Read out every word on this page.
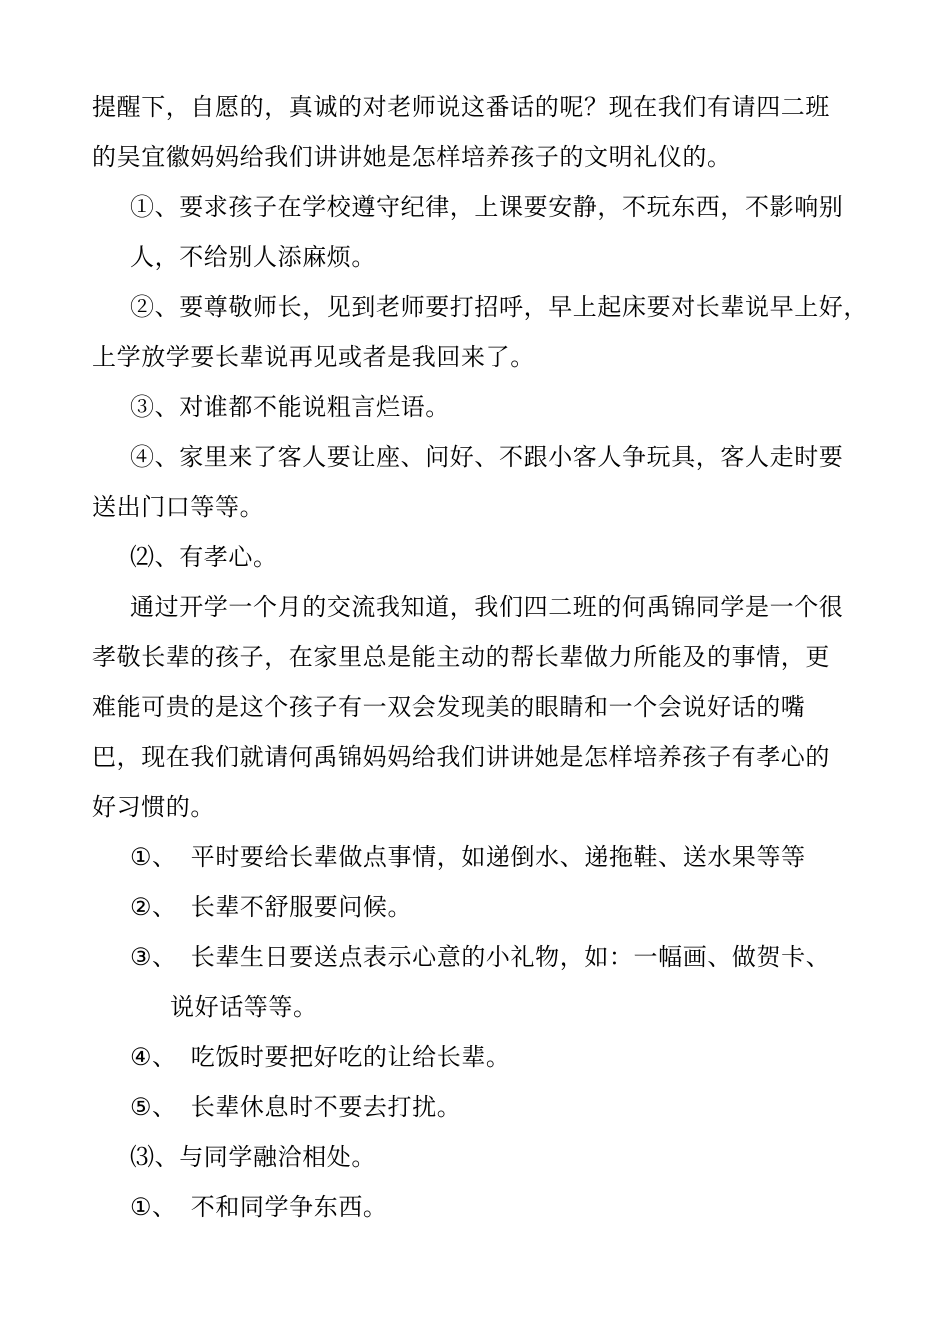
提醒下，自愿的，真诚的对老师说这番话的呢？现在我们有请四二班
的吴宜徽妈妈给我们讲讲她是怎样培养孩子的文明礼仪的。
①、要求孩子在学校遵守纪律，上课要安静，不玩东西，不影响别
人，不给别人添麻烦。
②、要尊敬师长，见到老师要打招呼，早上起床要对长辈说早上好，
上学放学要长辈说再见或者是我回来了。
③、对谁都不能说粗言烂语。
④、家里来了客人要让座、问好、不跟小客人争玩具，客人走时要
送出门口等等。
⑵、有孝心。
通过开学一个月的交流我知道，我们四二班的何禹锦同学是一个很
孝敬长辈的孩子，在家里总是能主动的帮长辈做力所能及的事情，更
难能可贵的是这个孩子有一双会发现美的眼睛和一个会说好话的嘴
巴，现在我们就请何禹锦妈妈给我们讲讲她是怎样培养孩子有孝心的
好习惯的。
①、 平时要给长辈做点事情，如递倒水、递拖鞋、送水果等等
②、 长辈不舒服要问候。
③、 长辈生日要送点表示心意的小礼物，如：一幅画、做贺卡、
说好话等等。
④、 吃饭时要把好吃的让给长辈。
⑤、 长辈休息时不要去打扰。
⑶、与同学融洽相处。
①、 不和同学争东西。
